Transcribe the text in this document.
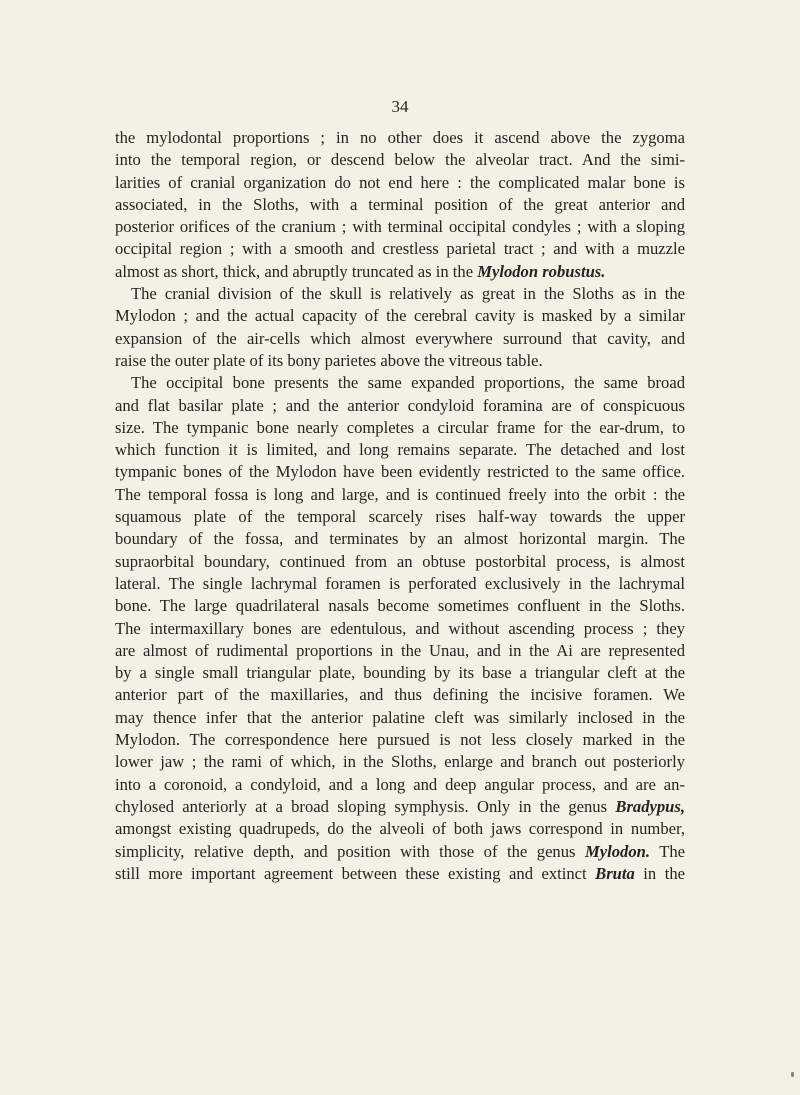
34
the mylodontal proportions ; in no other does it ascend above the zygoma
into the temporal region, or descend below the alveolar tract. And the simi-
larities of cranial organization do not end here : the complicated malar bone is
associated, in the Sloths, with a terminal position of the great anterior and
posterior orifices of the cranium ; with terminal occipital condyles ; with a sloping
occipital region ; with a smooth and crestless parietal tract ; and with a muzzle
almost as short, thick, and abruptly truncated as in the Mylodon robustus.
The cranial division of the skull is relatively as great in the Sloths as in the
Mylodon ; and the actual capacity of the cerebral cavity is masked by a similar
expansion of the air-cells which almost everywhere surround that cavity, and
raise the outer plate of its bony parietes above the vitreous table.
The occipital bone presents the same expanded proportions, the same broad
and flat basilar plate ; and the anterior condyloid foramina are of conspicuous
size. The tympanic bone nearly completes a circular frame for the ear-drum, to
which function it is limited, and long remains separate. The detached and lost
tympanic bones of the Mylodon have been evidently restricted to the same office.
The temporal fossa is long and large, and is continued freely into the orbit : the
squamous plate of the temporal scarcely rises half-way towards the upper
boundary of the fossa, and terminates by an almost horizontal margin. The
supraorbital boundary, continued from an obtuse postorbital process, is almost
lateral. The single lachrymal foramen is perforated exclusively in the lachrymal
bone. The large quadrilateral nasals become sometimes confluent in the Sloths.
The intermaxillary bones are edentulous, and without ascending process ; they
are almost of rudimental proportions in the Unau, and in the Ai are represented
by a single small triangular plate, bounding by its base a triangular cleft at the
anterior part of the maxillaries, and thus defining the incisive foramen. We
may thence infer that the anterior palatine cleft was similarly inclosed in the
Mylodon. The correspondence here pursued is not less closely marked in the
lower jaw ; the rami of which, in the Sloths, enlarge and branch out posteriorly
into a coronoid, a condyloid, and a long and deep angular process, and are an-
chylosed anteriorly at a broad sloping symphysis. Only in the genus Bradypus,
amongst existing quadrupeds, do the alveoli of both jaws correspond in number,
simplicity, relative depth, and position with those of the genus Mylodon. The
still more important agreement between these existing and extinct Bruta in the
